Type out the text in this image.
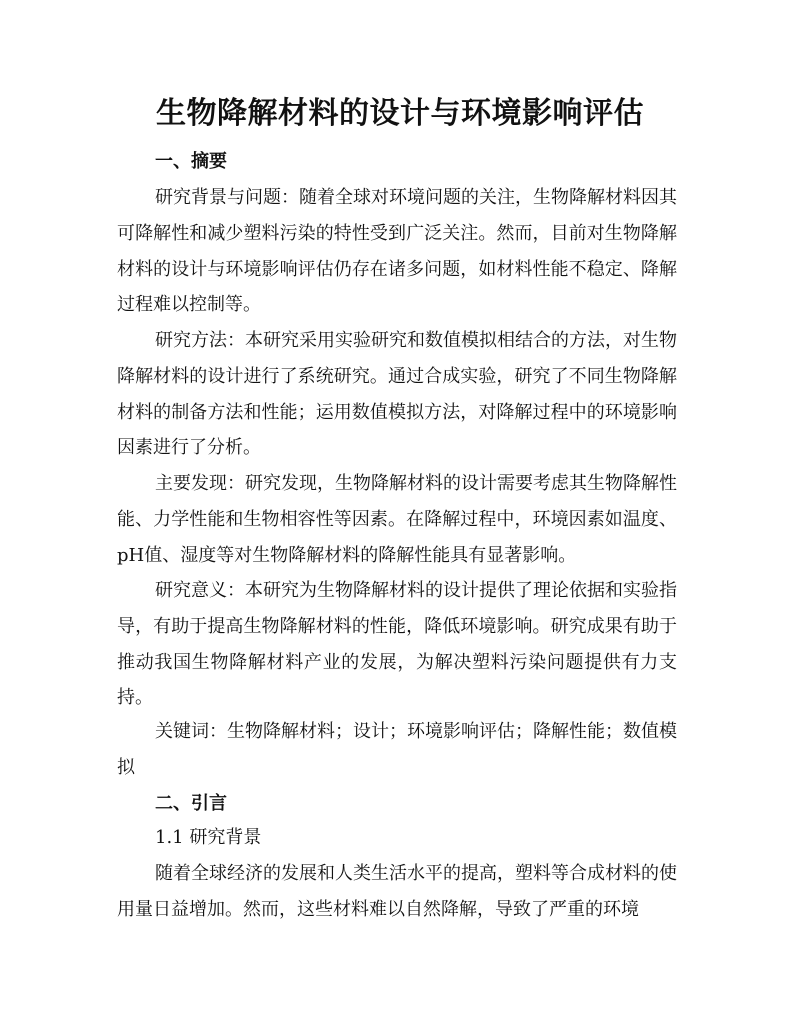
生物降解材料的设计与环境影响评估
一、摘要
研究背景与问题：随着全球对环境问题的关注，生物降解材料因其可降解性和减少塑料污染的特性受到广泛关注。然而，目前对生物降解材料的设计与环境影响评估仍存在诸多问题，如材料性能不稳定、降解过程难以控制等。
研究方法：本研究采用实验研究和数值模拟相结合的方法，对生物降解材料的设计进行了系统研究。通过合成实验，研究了不同生物降解材料的制备方法和性能；运用数值模拟方法，对降解过程中的环境影响因素进行了分析。
主要发现：研究发现，生物降解材料的设计需要考虑其生物降解性能、力学性能和生物相容性等因素。在降解过程中，环境因素如温度、pH值、湿度等对生物降解材料的降解性能具有显著影响。
研究意义：本研究为生物降解材料的设计提供了理论依据和实验指导，有助于提高生物降解材料的性能，降低环境影响。研究成果有助于推动我国生物降解材料产业的发展，为解决塑料污染问题提供有力支持。
关键词：生物降解材料；设计；环境影响评估；降解性能；数值模拟
二、引言
1.1 研究背景
随着全球经济的发展和人类生活水平的提高，塑料等合成材料的使用量日益增加。然而，这些材料难以自然降解，导致了严重的环境
